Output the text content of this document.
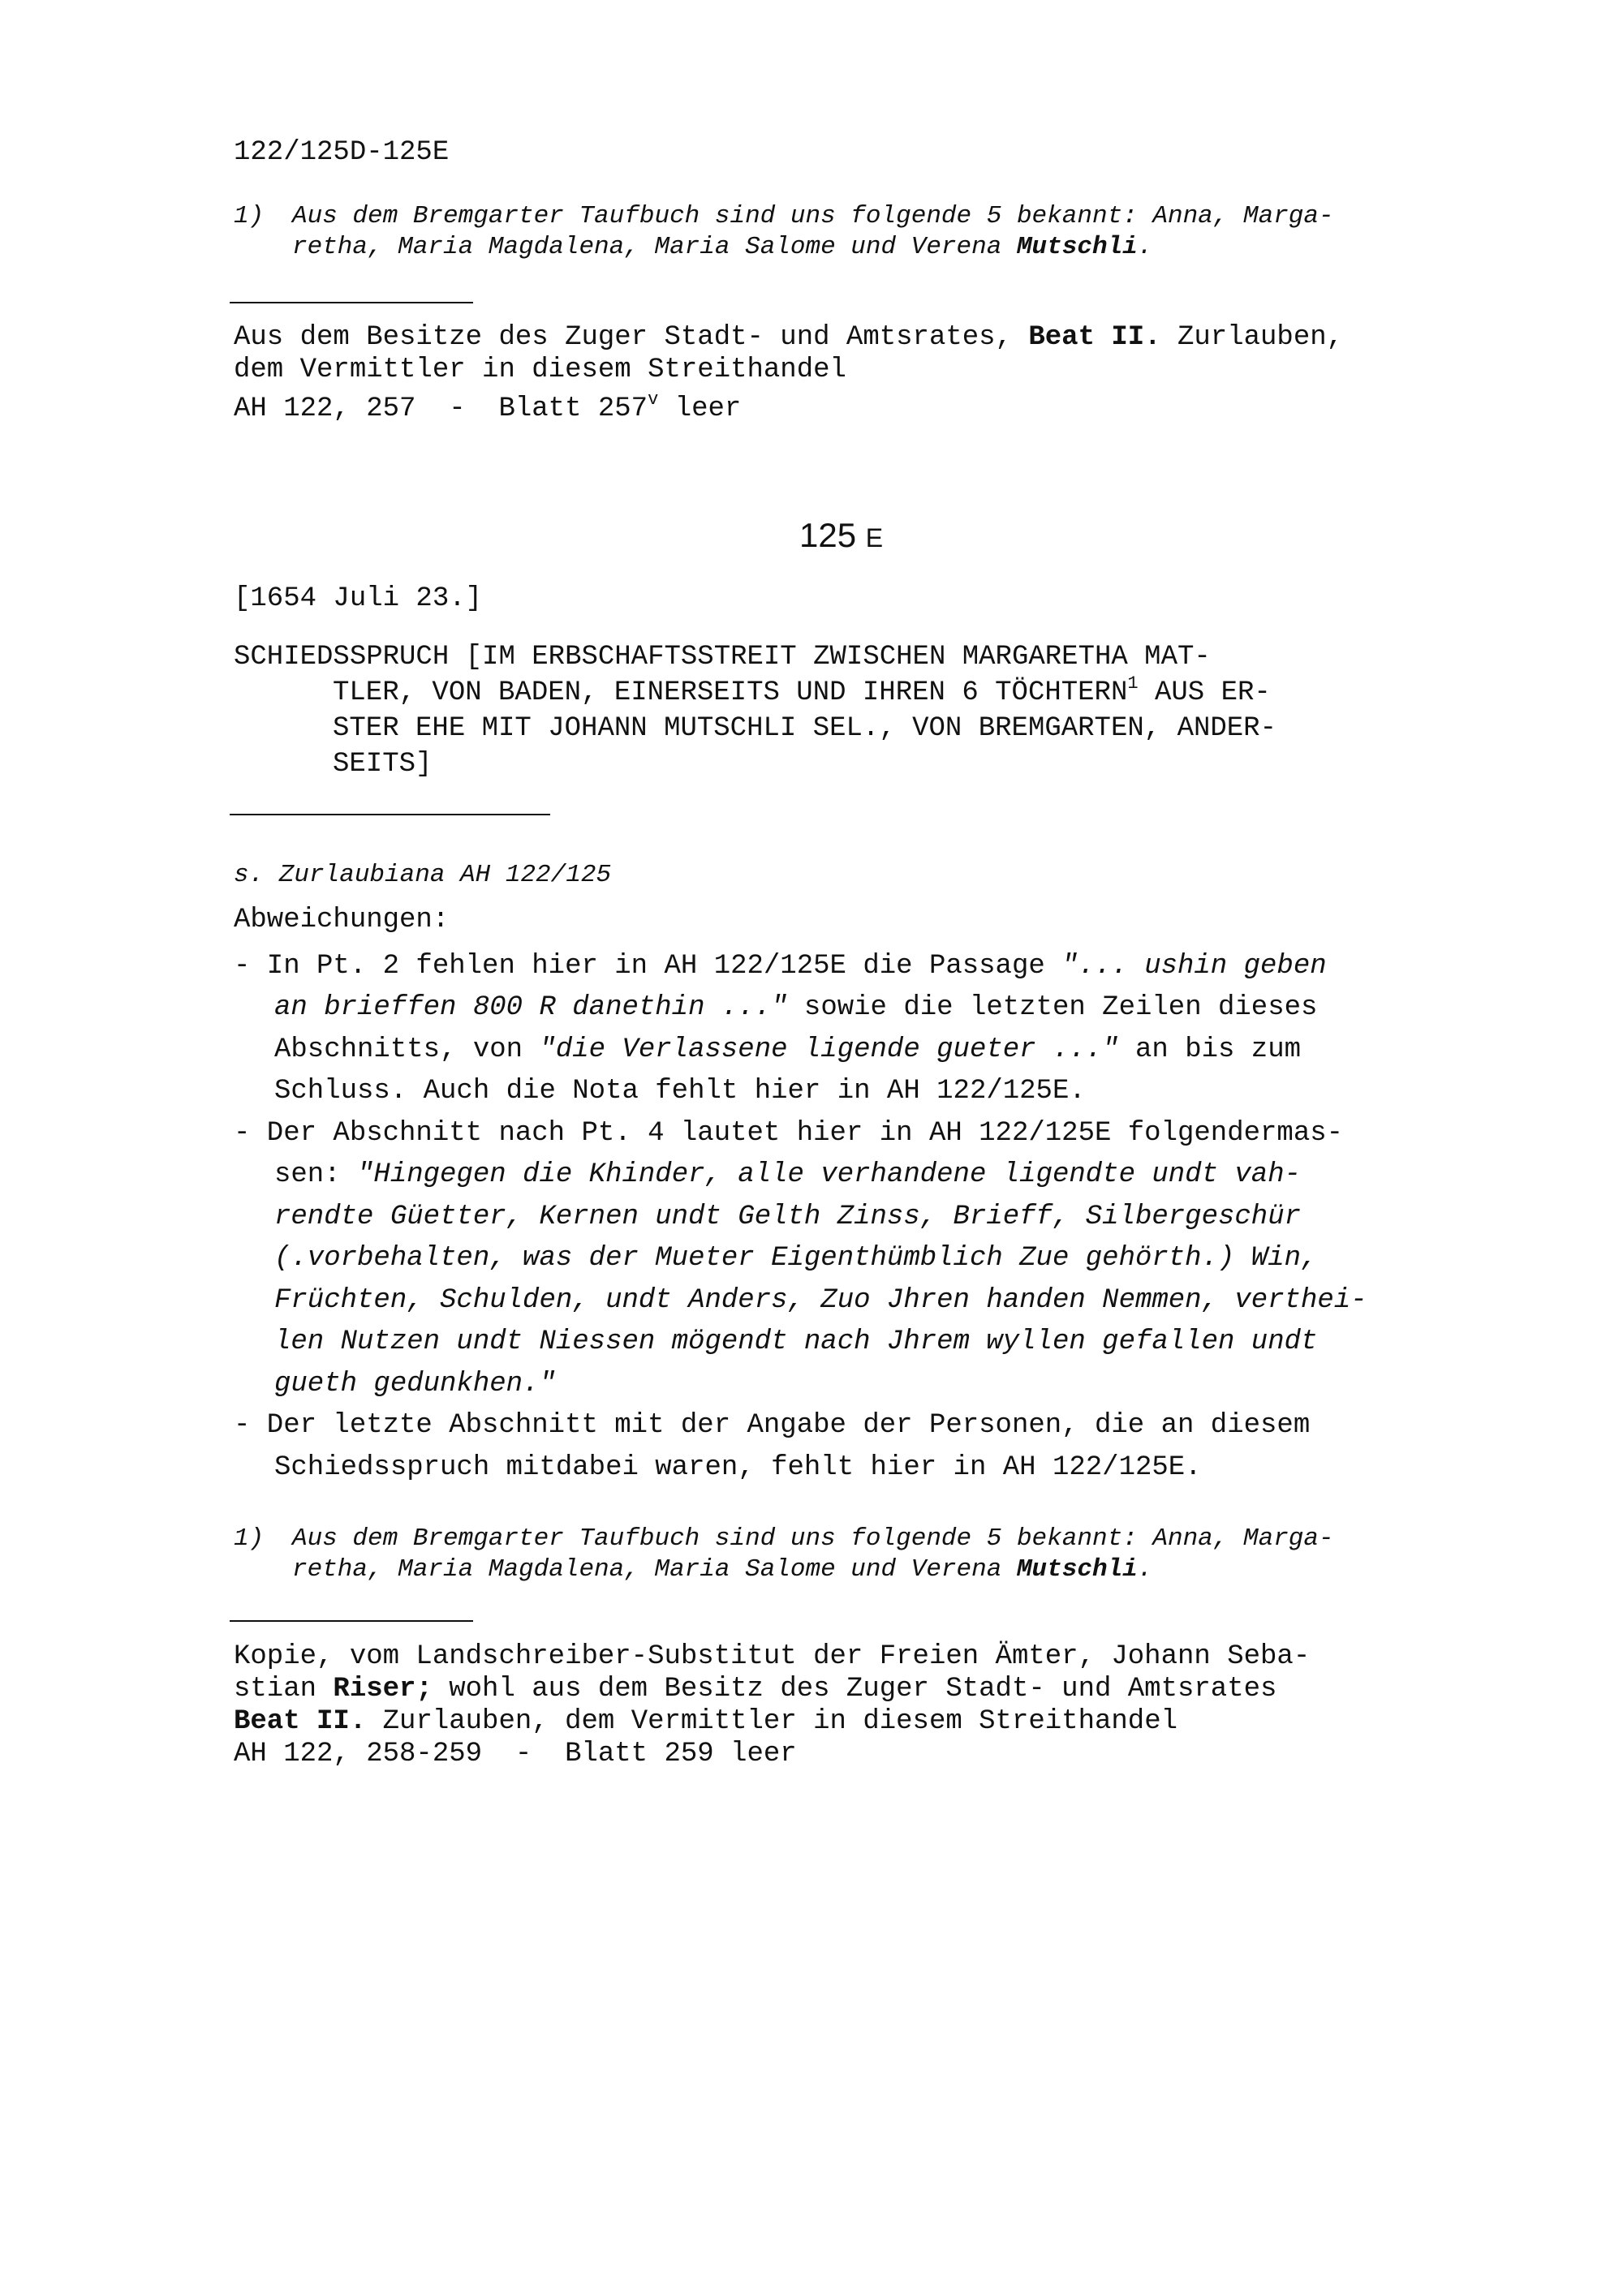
122/125D-125E
1) Aus dem Bremgarter Taufbuch sind uns folgende 5 bekannt: Anna, Marga-
retha, Maria Magdalena, Maria Salome und Verena Mutschli.
Aus dem Besitze des Zuger Stadt- und Amtsrates, Beat II. Zurlauben,
dem Vermittler in diesem Streithandel
AH 122, 257  -  Blatt 257$^v$ leer
125 E
[1654 Juli 23.]
SCHIEDSSPRUCH [IM ERBSCHAFTSSTREIT ZWISCHEN MARGARETHA MAT-
TLER, VON BADEN, EINERSEITS UND IHREN 6 TÖCHTERN$^1$ AUS ER-
STER EHE MIT JOHANN MUTSCHLI SEL., VON BREMGARTEN, ANDER-
SEITS]
s. Zurlaubiana AH 122/125
Abweichungen:
- In Pt. 2 fehlen hier in AH 122/125E die Passage "... ushin geben
an brieffen 800 R danethin ..." sowie die letzten Zeilen dieses
Abschnitts, von "die Verlassene ligende gueter ..." an bis zum
Schluss. Auch die Nota fehlt hier in AH 122/125E.
- Der Abschnitt nach Pt. 4 lautet hier in AH 122/125E folgendermas-
sen: "Hingegen die Khinder, alle verhandene ligendte undt vah-
rendte Güetter, Kernen undt Gelth Zinss, Brieff, Silbergeschür
(.vorbehalten, was der Mueter Eigenthümblich Zue gehörth.) Win,
Früchten, Schulden, undt Anders, Zuo Jhren handen Nemmen, verthei-
len Nutzen undt Niessen mögendt nach Jhrem wyllen gefallen undt
gueth gedunkhen."
- Der letzte Abschnitt mit der Angabe der Personen, die an diesem
Schiedsspruch mitdabei waren, fehlt hier in AH 122/125E.
1) Aus dem Bremgarter Taufbuch sind uns folgende 5 bekannt: Anna, Marga-
retha, Maria Magdalena, Maria Salome und Verena Mutschli.
Kopie, vom Landschreiber-Substitut der Freien Ämter, Johann Seba-
stian Riser; wohl aus dem Besitz des Zuger Stadt- und Amtsrates
Beat II. Zurlauben, dem Vermittler in diesem Streithandel
AH 122, 258-259  -  Blatt 259 leer
